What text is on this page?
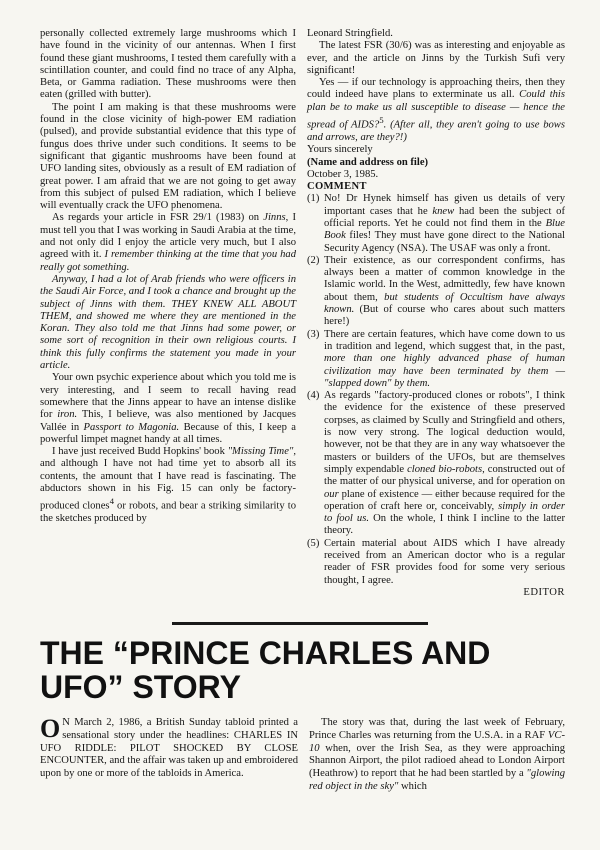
personally collected extremely large mushrooms which I have found in the vicinity of our antennas. When I first found these giant mushrooms, I tested them carefully with a scintillation counter, and could find no trace of any Alpha, Beta, or Gamma radiation. These mushrooms were then eaten (grilled with butter).

The point I am making is that these mushrooms were found in the close vicinity of high-power EM radiation (pulsed), and provide substantial evidence that this type of fungus does thrive under such conditions. It seems to be significant that gigantic mushrooms have been found at UFO landing sites, obviously as a result of EM radiation of great power. I am afraid that we are not going to get away from this subject of pulsed EM radiation, which I believe will eventually crack the UFO phenomena.

As regards your article in FSR 29/1 (1983) on Jinns, I must tell you that I was working in Saudi Arabia at the time, and not only did I enjoy the article very much, but I also agreed with it. I remember thinking at the time that you had really got something.

Anyway, I had a lot of Arab friends who were officers in the Saudi Air Force, and I took a chance and brought up the subject of Jinns with them. THEY KNEW ALL ABOUT THEM, and showed me where they are mentioned in the Koran. They also told me that Jinns had some power, or some sort of recognition in their own religious courts. I think this fully confirms the statement you made in your article.

Your own psychic experience about which you told me is very interesting, and I seem to recall having read somewhere that the Jinns appear to have an intense dislike for iron. This, I believe, was also mentioned by Jacques Vallée in Passport to Magonia. Because of this, I keep a powerful limpet magnet handy at all times.

I have just received Budd Hopkins' book "Missing Time", and although I have not had time yet to absorb all its contents, the amount that I have read is fascinating. The abductors shown in his Fig. 15 can only be factory-produced clones$^4$ or robots, and bear a striking similarity to the sketches produced by

Leonard Stringfield.

The latest FSR (30/6) was as interesting and enjoyable as ever, and the article on Jinns by the Turkish Sufi very significant!

Yes — if our technology is approaching theirs, then they could indeed have plans to exterminate us all. Could this plan be to make us all susceptible to disease — hence the spread of AIDS?$^5$. (After all, they aren't going to use bows and arrows, are they?!)

Yours sincerely

(Name and address on file)

October 3, 1985.

COMMENT

(1) No! Dr Hynek himself has given us details of very important cases that he knew had been the subject of official reports. Yet he could not find them in the Blue Book files! They must have gone direct to the National Security Agency (NSA). The USAF was only a front.
(2) Their existence, as our correspondent confirms, has always been a matter of common knowledge in the Islamic world. In the West, admittedly, few have known about them, but students of Occultism have always known. (But of course who cares about such matters here!)
(3) There are certain features, which have come down to us in tradition and legend, which suggest that, in the past, more than one highly advanced phase of human civilization may have been terminated by them — "slapped down" by them.
(4) As regards "factory-produced clones or robots", I think the evidence for the existence of these preserved corpses, as claimed by Scully and Stringfield and others, is now very strong. The logical deduction would, however, not be that they are in any way whatsoever the masters or builders of the UFOs, but are themselves simply expendable cloned bio-robots, constructed out of the matter of our physical universe, and for operation on our plane of existence — either because required for the operation of craft here or, conceivably, simply in order to fool us. On the whole, I think I incline to the latter theory.
(5) Certain material about AIDS which I have already received from an American doctor who is a regular reader of FSR provides food for some very serious thought, I agree.

EDITOR

THE “PRINCE CHARLES AND UFO” STORY

O N March 2, 1986, a British Sunday tabloid printed a sensational story under the headlines: CHARLES IN UFO RIDDLE: PILOT SHOCKED BY CLOSE ENCOUNTER, and the affair was taken up and embroidered upon by one or more of the tabloids in America.

The story was that, during the last week of February, Prince Charles was returning from the U.S.A. in a RAF VC-10 when, over the Irish Sea, as they were approaching Shannon Airport, the pilot radioed ahead to London Airport (Heathrow) to report that he had been startled by a "glowing red object in the sky" which
